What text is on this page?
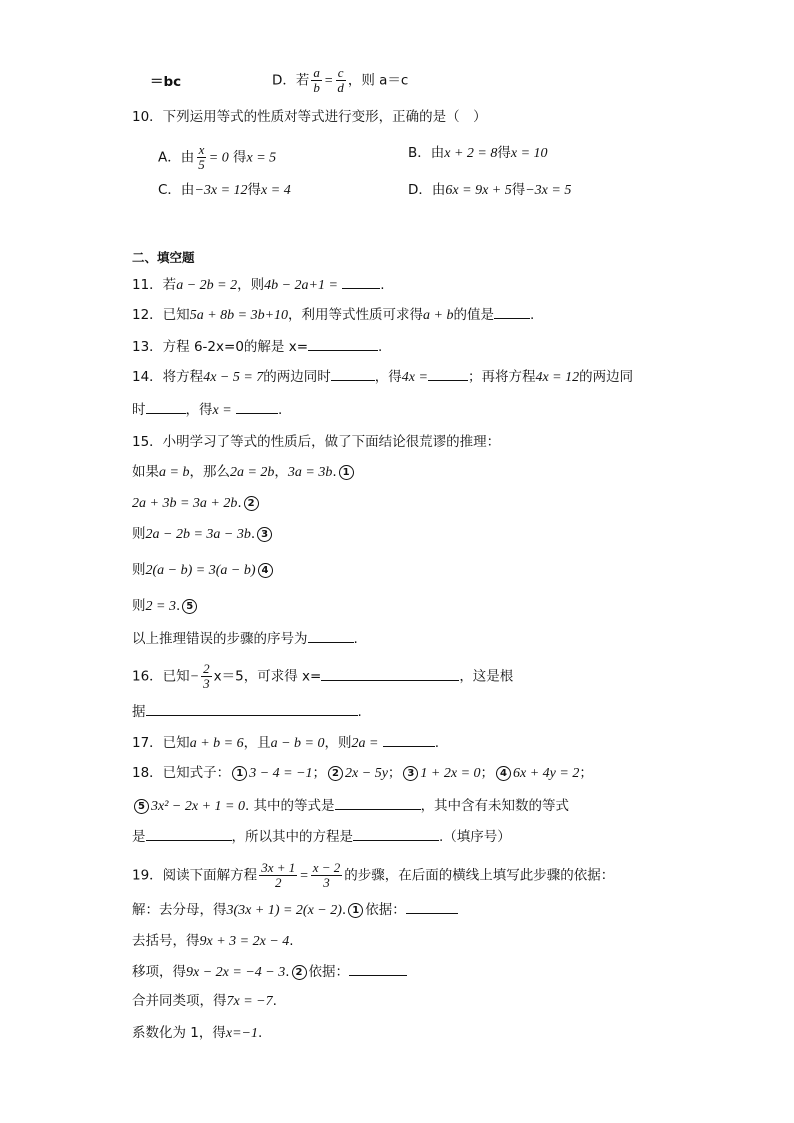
＝bc	D．若 $\frac{a}{b} = \frac{c}{d}$ ，则 a＝c
10．下列运用等式的性质对等式进行变形，正确的是（　）
A．由 $\frac{x}{5} = 0$ 得x = 5	B．由x + 2 = 8得x = 10
C．由−3x = 12得x = 4	D．由6x = 9x + 5得−3x = 5
二、填空题
11．若a − 2b = 2，则4b − 2a+1 =	.
12．已知5a + 8b = 3b+10，利用等式性质可求得a + b的值是	.
13．方程 6-2x=0的解是 x=	.
14．将方程4x − 5 = 7的两边同时	，得4x =	；再将方程4x = 12的两边同
时	，得x =	.
15．小明学习了等式的性质后，做了下面结论很荒谬的推理：
如果a = b，那么2a = 2b，3a = 3b. 1
2a + 3b = 3a + 2b. 2
则2a − 2b = 3a − 3b. 3
则2(a − b) = 3(a − b) 4
则2 = 3. 5
以上推理错误的步骤的序号为	.
16．已知− $\frac{2}{3} x=5$，可求得 x=	，这是根
据	.
17．已知a + b = 6，且a − b = 0，则2a =	.
18．已知式子： 1 3 − 4 = −1； 2 2x − 5y； 3 1 + 2x = 0； 4 6x + 4y = 2；
5 3x² − 2x + 1 = 0. 其中的等式是	，其中含有未知数的等式
是	，所以其中的方程是	.（填序号）
19．阅读下面解方程 $\frac{3x + 1}{2} = \frac{x - 2}{3}$ 的步骤，在后面的横线上填写此步骤的依据：
解：去分母，得3(3x + 1) = 2(x − 2). 1 依据：
去括号，得9x + 3 = 2x − 4.
移项，得9x − 2x = −4 − 3. 2 依据：
合并同类项，得7x = −7.
系数化为 1，得x=−1.
